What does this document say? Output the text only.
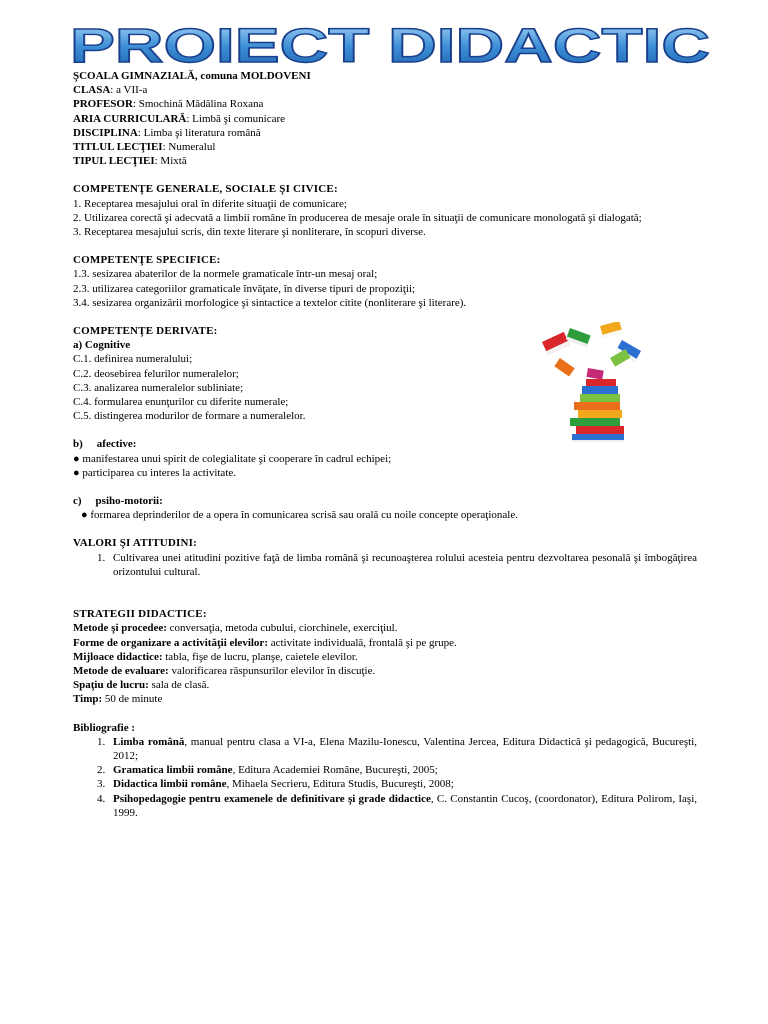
PROIECT DIDACTIC
ŞCOALA GIMNAZIALĂ, comuna MOLDOVENI
CLASA: a VII-a
PROFESOR: Smochină Mădălina Roxana
ARIA CURRICULARĂ: Limbă şi comunicare
DISCIPLINA: Limba şi literatura română
TITLUL LECŢIEI: Numeralul
TIPUL LECŢIEI: Mixtă
COMPETENŢE GENERALE, SOCIALE ŞI CIVICE:
1. Receptarea mesajului oral în diferite situaţii de comunicare;
2. Utilizarea corectă şi adecvată a limbii române în producerea de mesaje orale în situaţii de comunicare monologată şi dialogată;
3. Receptarea mesajului scris, din texte literare şi nonliterare, în scopuri diverse.
COMPETENŢE SPECIFICE:
1.3. sesizarea abaterilor de la normele gramaticale într-un mesaj oral;
2.3. utilizarea categoriilor gramaticale învăţate, în diverse tipuri de propoziţii;
3.4. sesizarea organizării morfologice şi sintactice a textelor citite (nonliterare şi literare).
COMPETENŢE DERIVATE:
a) Cognitive
C.1. definirea numeralului;
C.2. deosebirea felurilor numeralelor;
C.3. analizarea numeralelor subliniate;
C.4. formularea enunţurilor cu diferite numerale;
C.5. distingerea modurilor de formare a numeralelor.
b) afective:
● manifestarea unui spirit de colegialitate şi cooperare în cadrul echipei;
● participarea cu interes la activitate.
c) psiho-motorii:
● formarea deprinderilor de a opera în comunicarea scrisă sau orală cu noile concepte operaţionale.
VALORI ŞI ATITUDINI:
1. Cultivarea unei atitudini pozitive faţă de limba română şi recunoaşterea rolului acesteia pentru dezvoltarea pesonală şi îmbogăţirea orizontului cultural.
STRATEGII DIDACTICE:
Metode şi procedee: conversaţia, metoda cubului, ciorchinele, exerciţiul.
Forme de organizare a activităţii elevilor: activitate individuală, frontală şi pe grupe.
Mijloace didactice: tabla, fişe de lucru, planşe, caietele elevilor.
Metode de evaluare: valorificarea răspunsurilor elevilor în discuţie.
Spaţiu de lucru: sala de clasă.
Timp: 50 de minute
Bibliografie :
1. Limba română, manual pentru clasa a VI-a, Elena Mazilu-Ionescu, Valentina Jercea, Editura Didactică şi pedagogică, Bucureşti, 2012;
2. Gramatica limbii române, Editura Academiei Române, Bucureşti, 2005;
3. Didactica limbii române, Mihaela Secrieru, Editura Studis, Bucureşti, 2008;
4. Psihopedagogie pentru examenele de definitivare şi grade didactice, C. Constantin Cucoş, (coordonator), Editura Polirom, Iaşi, 1999.
